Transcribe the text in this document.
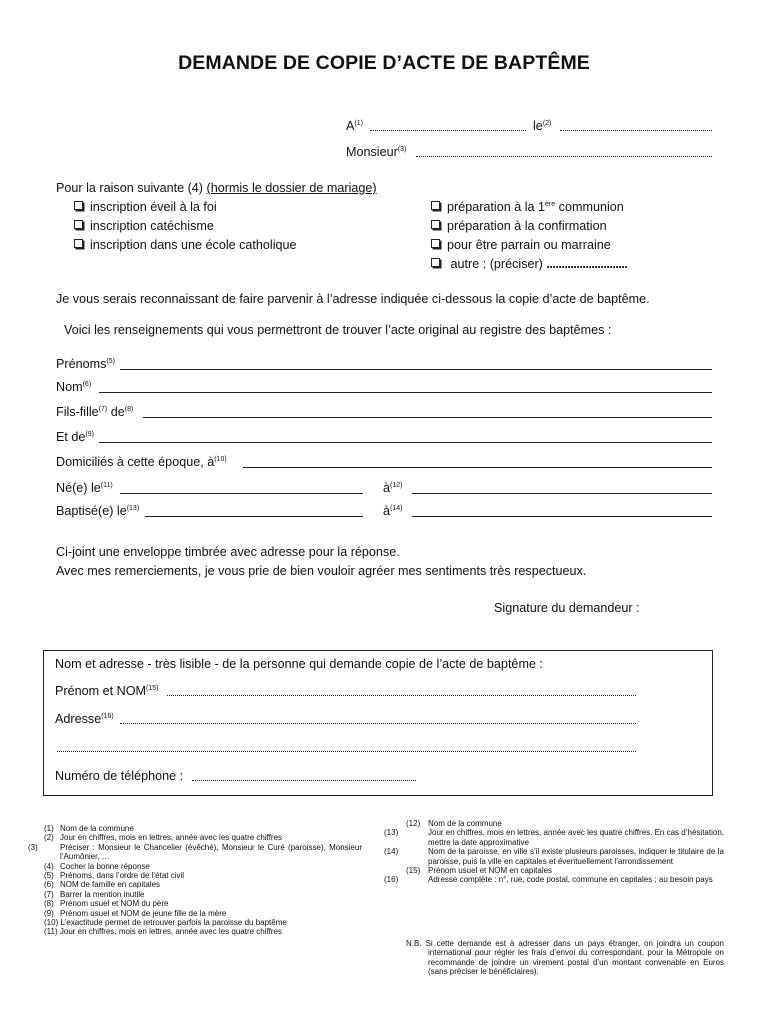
DEMANDE DE COPIE D’ACTE DE BAPTÊME
$A^{(1)}$	$le^{(2)}$
Monsieur$^{(3)}$
Pour la raison suivante (4) (hormis le dossier de mariage)
inscription éveil à la foi
inscription catéchisme
inscription dans une école catholique
préparation à la 1ère communion
préparation à la confirmation
pour être parrain ou marraine
autre : (préciser) ...........................
Je vous serais reconnaissant de faire parvenir à l’adresse indiquée ci-dessous la copie d’acte de baptême.
Voici les renseignements qui vous permettront de trouver l’acte original au registre des baptêmes :
Prénoms$^{(5)}$
Nom$^{(6)}$
Fils-fille$^{(7)}$ $de^{(8)}$
Et $de^{(9)}$
Domiciliés à cette époque, $à^{(10)}$
Né(e) $le^{(11)}$	$à^{(12)}$
Baptisé(e) $le^{(13)}$	$à^{(14)}$
Ci-joint une enveloppe timbrée avec adresse pour la réponse.
Avec mes remerciements, je vous prie de bien vouloir agréer mes sentiments très respectueux.
Signature du demandeur :
Nom et adresse - très lisible - de la personne qui demande copie de l’acte de baptême :
Prénom et NOM$^{(15)}$
Adresse$^{(16)}$
Numéro de téléphone :
(1) Nom de la commune
(2) Jour en chiffres, mois en lettres, année avec les quatre chiffres
(3)	Préciser : Monsieur le Chancelier (évêché), Monsieur le Curé (paroisse), Monsieur l’Aumônier, …
(4) Cocher la bonne réponse
(5) Prénoms, dans l’ordre de l’état civil
(6) NOM de famille en capitales
(7) Barrer la mention inutile
(8) Prénom usuel et NOM du père
(9) Prénom usuel et NOM de jeune fille de la mère
(10) L’exactitude permet de retrouver parfois la paroisse du baptême
(11) Jour en chiffres, mois en lettres, année avec les quatre chiffres
(12) Nom de la commune
(13)	Jour en chiffres, mois en lettres, année avec les quatre chiffres. En cas d’hésitation, mettre la date approximative
(14)	Nom de la paroisse, en ville s’il existe plusieurs paroisses, indiquer le titulaire de la paroisse, puis la ville en capitales et éventuellement l’arrondissement
(15) Prénom usuel et NOM en capitales
(16)	Adresse complète : n°, rue, code postal, commune en capitales ; au besoin pays
N.B. Si cette demande est à adresser dans un pays étranger, on joindra un coupon international pour régler les frais d’envoi du correspondant, pour la Métropole on recommande de joindre un virement postal d’un montant convenable en Euros (sans préciser le bénéficiaires).
